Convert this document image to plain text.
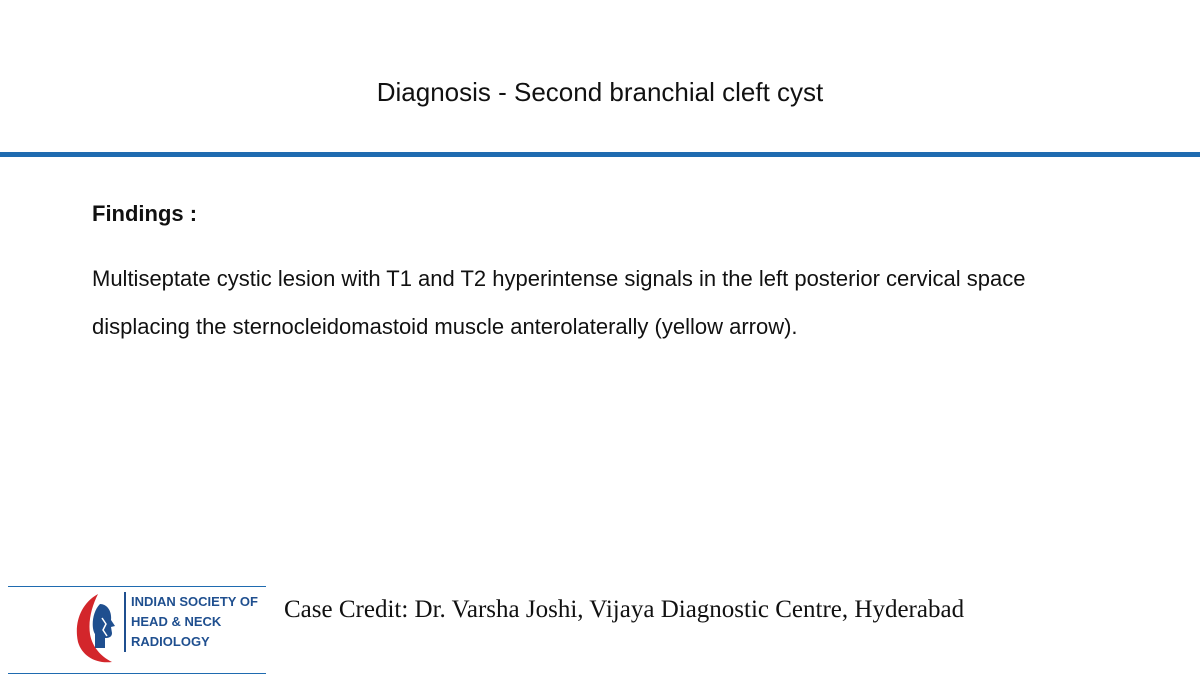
Diagnosis - Second branchial cleft cyst
Findings :
Multiseptate cystic lesion with T1 and T2 hyperintense signals in the left posterior cervical space displacing the sternocleidomastoid muscle anterolaterally (yellow arrow).
INDIAN SOCIETY OF
HEAD & NECK
RADIOLOGY
Case Credit: Dr. Varsha Joshi, Vijaya Diagnostic Centre, Hyderabad
